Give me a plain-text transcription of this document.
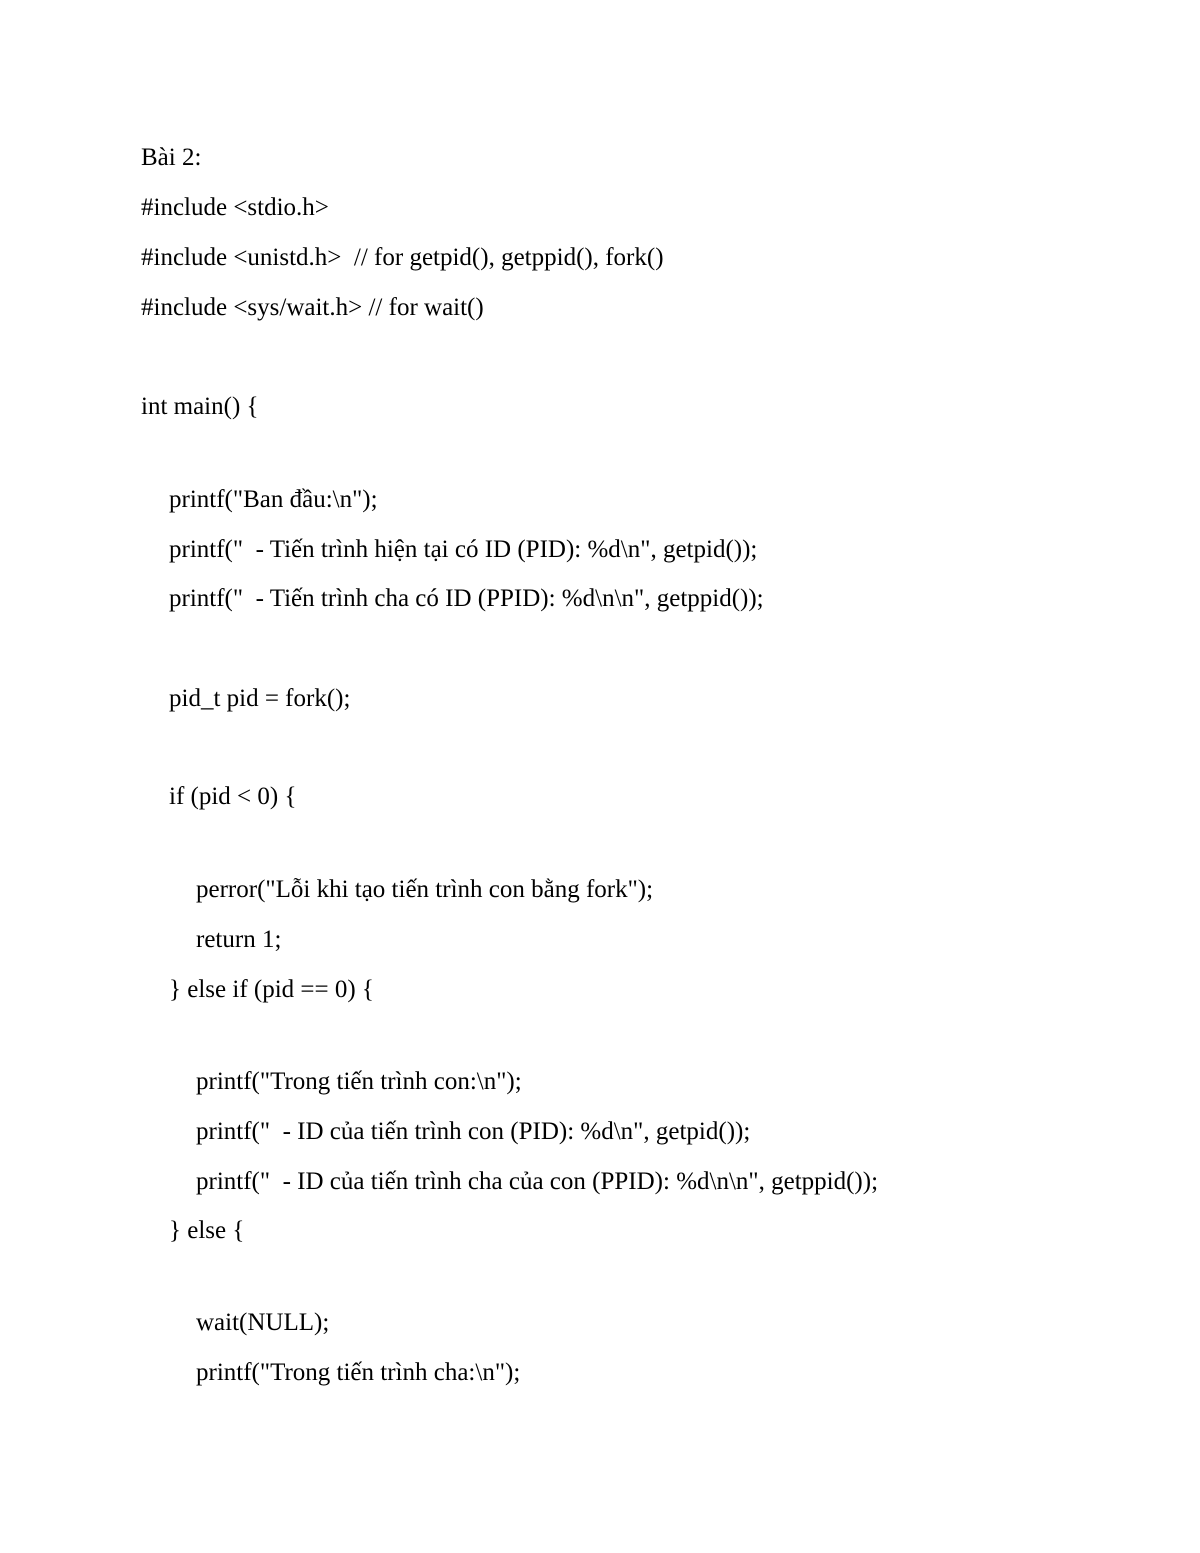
Bài 2:
#include <stdio.h>
#include <unistd.h>  // for getpid(), getppid(), fork()
#include <sys/wait.h> // for wait()
int main() {
printf("Ban đầu:\n");
printf("  - Tiến trình hiện tại có ID (PID): %d\n", getpid());
printf("  - Tiến trình cha có ID (PPID): %d\n\n", getppid());
pid_t pid = fork();
if (pid < 0) {
perror("Lỗi khi tạo tiến trình con bằng fork");
return 1;
} else if (pid == 0) {
printf("Trong tiến trình con:\n");
printf("  - ID của tiến trình con (PID): %d\n", getpid());
printf("  - ID của tiến trình cha của con (PPID): %d\n\n", getppid());
} else {
wait(NULL);
printf("Trong tiến trình cha:\n");
